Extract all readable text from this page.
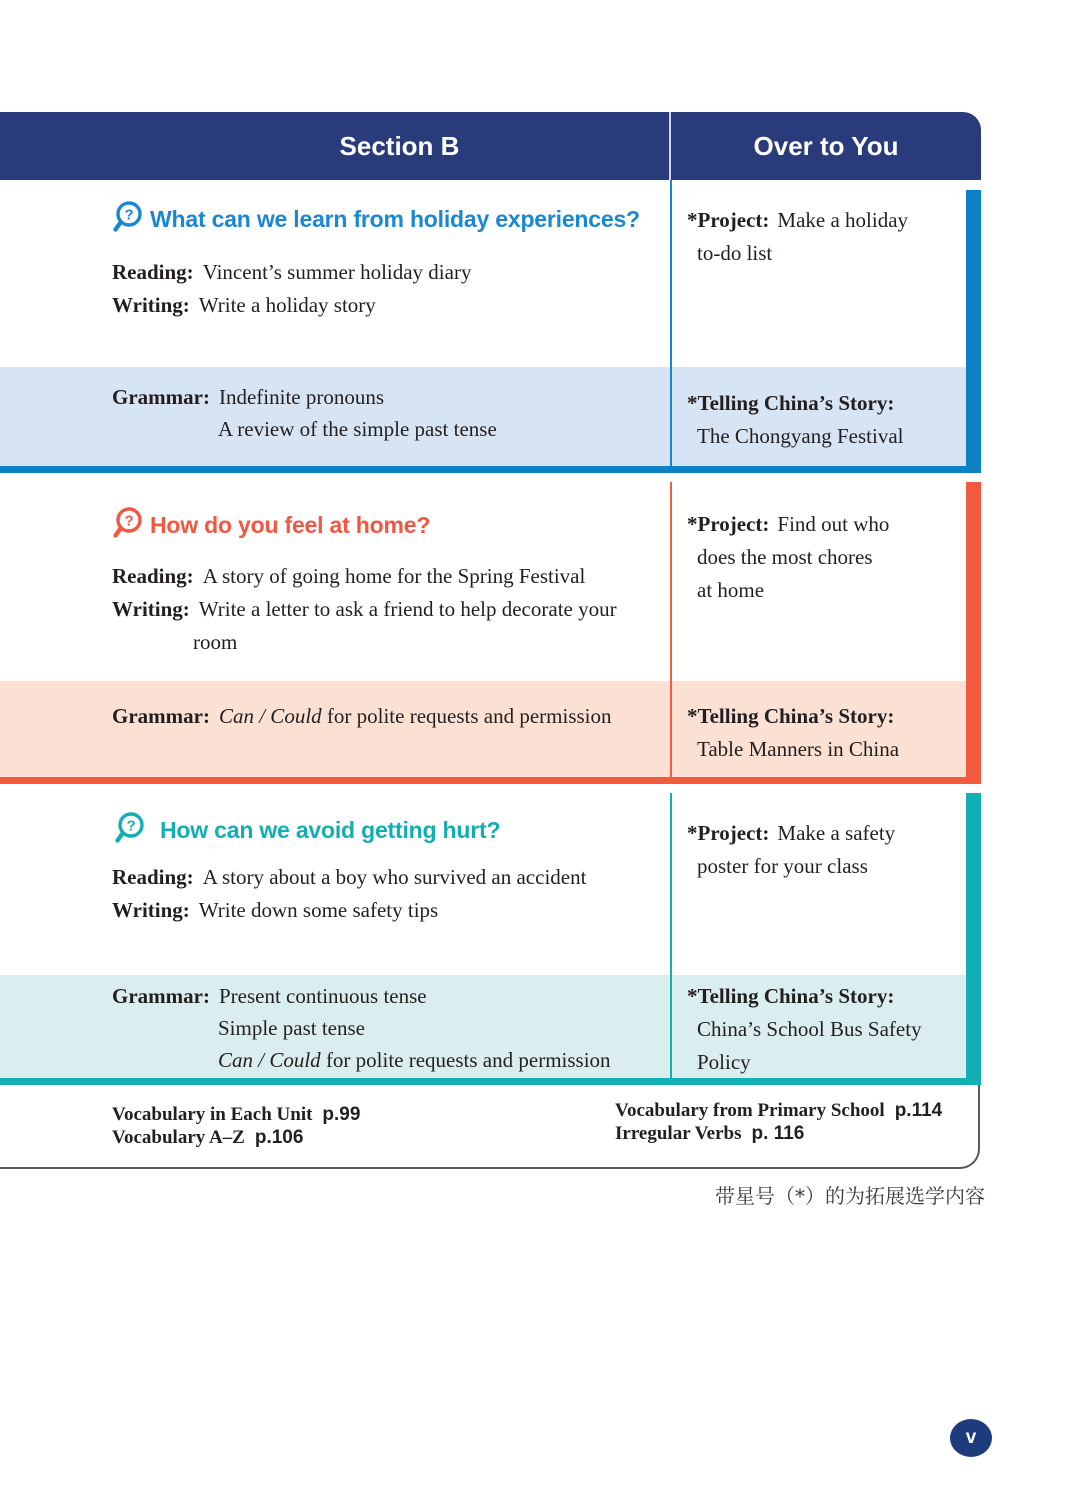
Section B	Over to You
? What can we learn from holiday experiences?
Reading: Vincent’s summer holiday diary
Writing: Write a holiday story
Grammar: Indefinite pronouns
A review of the simple past tense
*Project: Make a holiday
to-do list
*Telling China’s Story:
The Chongyang Festival
? How do you feel at home?
Reading: A story of going home for the Spring Festival
Writing: Write a letter to ask a friend to help decorate your
room
Grammar: Can / Could for polite requests and permission
*Project: Find out who
does the most chores
at home
*Telling China’s Story:
Table Manners in China
? How can we avoid getting hurt?
Reading: A story about a boy who survived an accident
Writing: Write down some safety tips
Grammar: Present continuous tense
Simple past tense
Can / Could for polite requests and permission
*Project: Make a safety
poster for your class
*Telling China’s Story:
China’s School Bus Safety
Policy
Vocabulary in Each Unit p.99
Vocabulary A–Z p.106
Vocabulary from Primary School p.114
Irregular Verbs p. 116
带星号（*）的为拓展选学内容
v
